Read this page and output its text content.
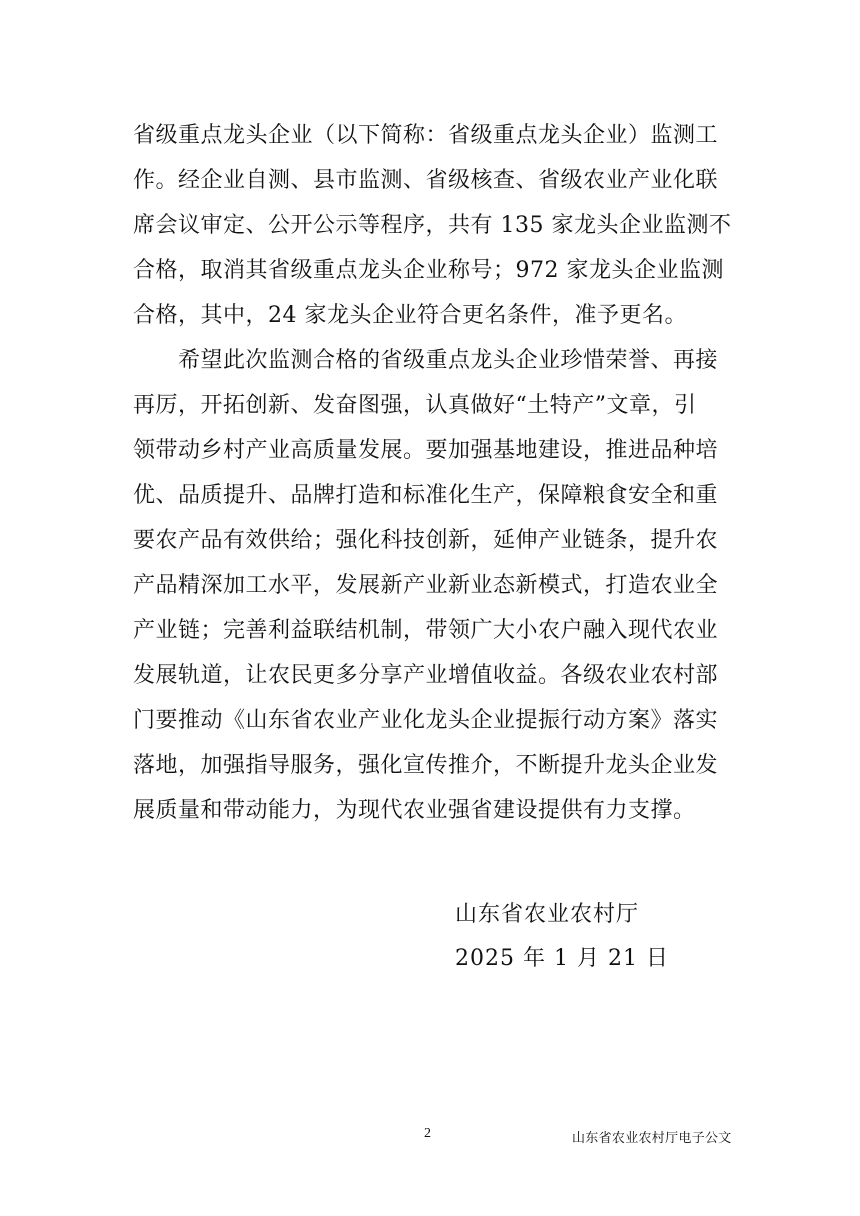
省级重点龙头企业（以下简称：省级重点龙头企业）监测工
作。经企业自测、县市监测、省级核查、省级农业产业化联
席会议审定、公开公示等程序，共有 135 家龙头企业监测不
合格，取消其省级重点龙头企业称号；972 家龙头企业监测
合格，其中，24 家龙头企业符合更名条件，准予更名。
　　希望此次监测合格的省级重点龙头企业珍惜荣誉、再接
再厉，开拓创新、发奋图强，认真做好“土特产”文章，引
领带动乡村产业高质量发展。要加强基地建设，推进品种培
优、品质提升、品牌打造和标准化生产，保障粮食安全和重
要农产品有效供给；强化科技创新，延伸产业链条，提升农
产品精深加工水平，发展新产业新业态新模式，打造农业全
产业链；完善利益联结机制，带领广大小农户融入现代农业
发展轨道，让农民更多分享产业增值收益。各级农业农村部
门要推动《山东省农业产业化龙头企业提振行动方案》落实
落地，加强指导服务，强化宣传推介，不断提升龙头企业发
展质量和带动能力，为现代农业强省建设提供有力支撑。
山东省农业农村厅
2025 年 1 月 21 日
2	山东省农业农村厅电子公文
